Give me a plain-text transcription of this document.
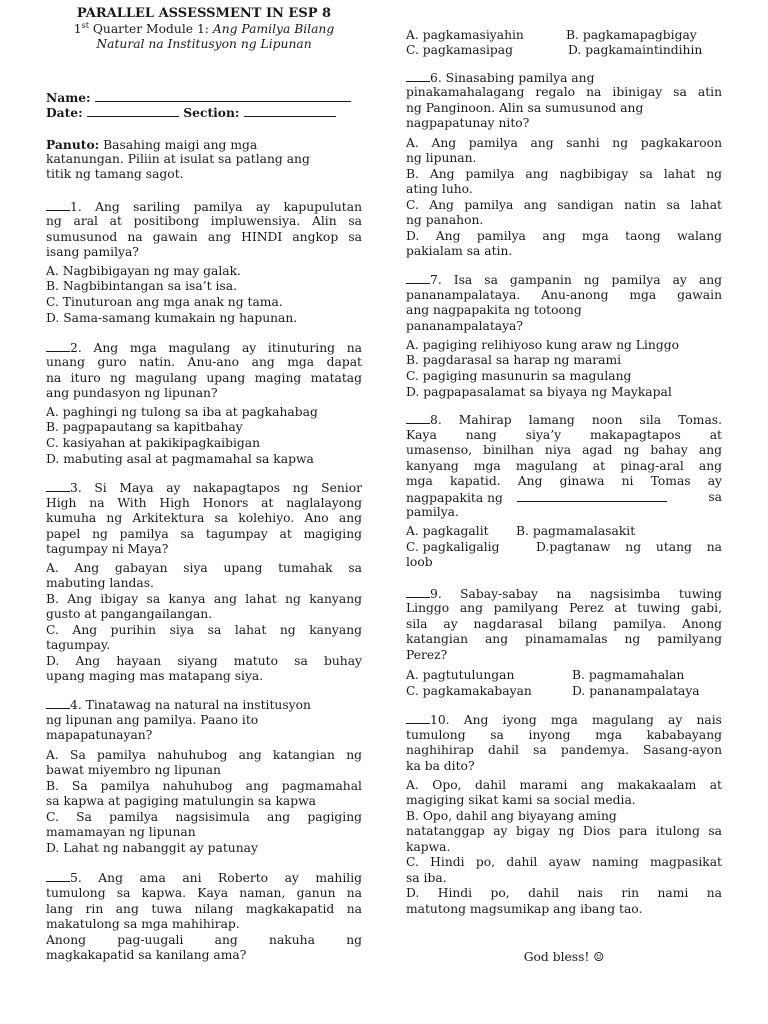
PARALLEL ASSESSMENT IN ESP 8
1st Quarter Module 1: Ang Pamilya Bilang
Natural na Institusyon ng Lipunan
Name:
Date:	Section:
Panuto: Basahing maigi ang mga
katanungan. Piliin at isulat sa patlang ang
titik ng tamang sagot.
1. Ang sariling pamilya ay kapupulutan
ng aral at positibong impluwensiya. Alin sa
sumusunod na gawain ang HINDI angkop sa
isang pamilya?
A. Nagbibigayan ng may galak.
B. Nagbibintangan sa isa’t isa.
C. Tinuturoan ang mga anak ng tama.
D. Sama-samang kumakain ng hapunan.
2. Ang mga magulang ay itinuturing na
unang guro natin. Anu-ano ang mga dapat
na ituro ng magulang upang maging matatag
ang pundasyon ng lipunan?
A. paghingi ng tulong sa iba at pagkahabag
B. pagpapautang sa kapitbahay
C. kasiyahan at pakikipagkaibigan
D. mabuting asal at pagmamahal sa kapwa
3. Si Maya ay nakapagtapos ng Senior
High na With High Honors at naglalayong
kumuha ng Arkitektura sa kolehiyo. Ano ang
papel ng pamilya sa tagumpay at magiging
tagumpay ni Maya?
A. Ang gabayan siya upang tumahak sa
mabuting landas.
B. Ang ibigay sa kanya ang lahat ng kanyang
gusto at pangangailangan.
C. Ang purihin siya sa lahat ng kanyang
tagumpay.
D. Ang hayaan siyang matuto sa buhay
upang maging mas matapang siya.
4. Tinatawag na natural na institusyon
ng lipunan ang pamilya. Paano ito
mapapatunayan?
A. Sa pamilya nahuhubog ang katangian ng
bawat miyembro ng lipunan
B. Sa pamilya nahuhubog ang pagmamahal
sa kapwa at pagiging matulungin sa kapwa
C. Sa pamilya nagsisimula ang pagiging
mamamayan ng lipunan
D. Lahat ng nabanggit ay patunay
5. Ang ama ani Roberto ay mahilig
tumulong sa kapwa. Kaya naman, ganun na
lang rin ang tuwa nilang magkakapatid na
makatulong sa mga mahihirap.
Anong pag-uugali ang nakuha ng
magkakapatid sa kanilang ama?
A. pagkamasiyahin	B. pagkamapagbigay
C. pagkamasipag	D. pagkamaintindihin
6. Sinasabing pamilya ang
pinakamahalagang regalo na ibinigay sa atin
ng Panginoon. Alin sa sumusunod ang
nagpapatunay nito?
A. Ang pamilya ang sanhi ng pagkakaroon
ng lipunan.
B. Ang pamilya ang nagbibigay sa lahat ng
ating luho.
C. Ang pamilya ang sandigan natin sa lahat
ng panahon.
D. Ang pamilya ang mga taong walang
pakialam sa atin.
7. Isa sa gampanin ng pamilya ay ang
pananampalataya. Anu-anong mga gawain
ang nagpapakita ng totoong
pananampalataya?
A. pagiging relihiyoso kung araw ng Linggo
B. pagdarasal sa harap ng marami
C. pagiging masunurin sa magulang
D. pagpapasalamat sa biyaya ng Maykapal
8. Mahirap lamang noon sila Tomas.
Kaya nang siya’y makapagtapos at
umasenso, binilhan niya agad ng bahay ang
kanyang mga magulang at pinag-aral ang
mga kapatid. Ang ginawa ni Tomas ay
nagpapakita ng	sa
pamilya.
A. pagkagalit B. pagmamalasakit
C. pagkaligalig	D.pagtanaw ng utang na
loob
9. Sabay-sabay na nagsisimba tuwing
Linggo ang pamilyang Perez at tuwing gabi,
sila ay nagdarasal bilang pamilya. Anong
katangian ang pinamamalas ng pamilyang
Perez?
A. pagtutulungan	B. pagmamahalan
C. pagkamakabayan	D. pananampalataya
10. Ang iyong mga magulang ay nais
tumulong sa inyong mga kababayang
naghihirap dahil sa pandemya. Sasang-ayon
ka ba dito?
A. Opo, dahil marami ang makakaalam at
magiging sikat kami sa social media.
B. Opo, dahil ang biyayang aming
natatanggap ay bigay ng Dios para itulong sa
kapwa.
C. Hindi po, dahil ayaw naming magpasikat
sa iba.
D. Hindi po, dahil nais rin nami na
matutong magsumikap ang ibang tao.
God bless! ☺
